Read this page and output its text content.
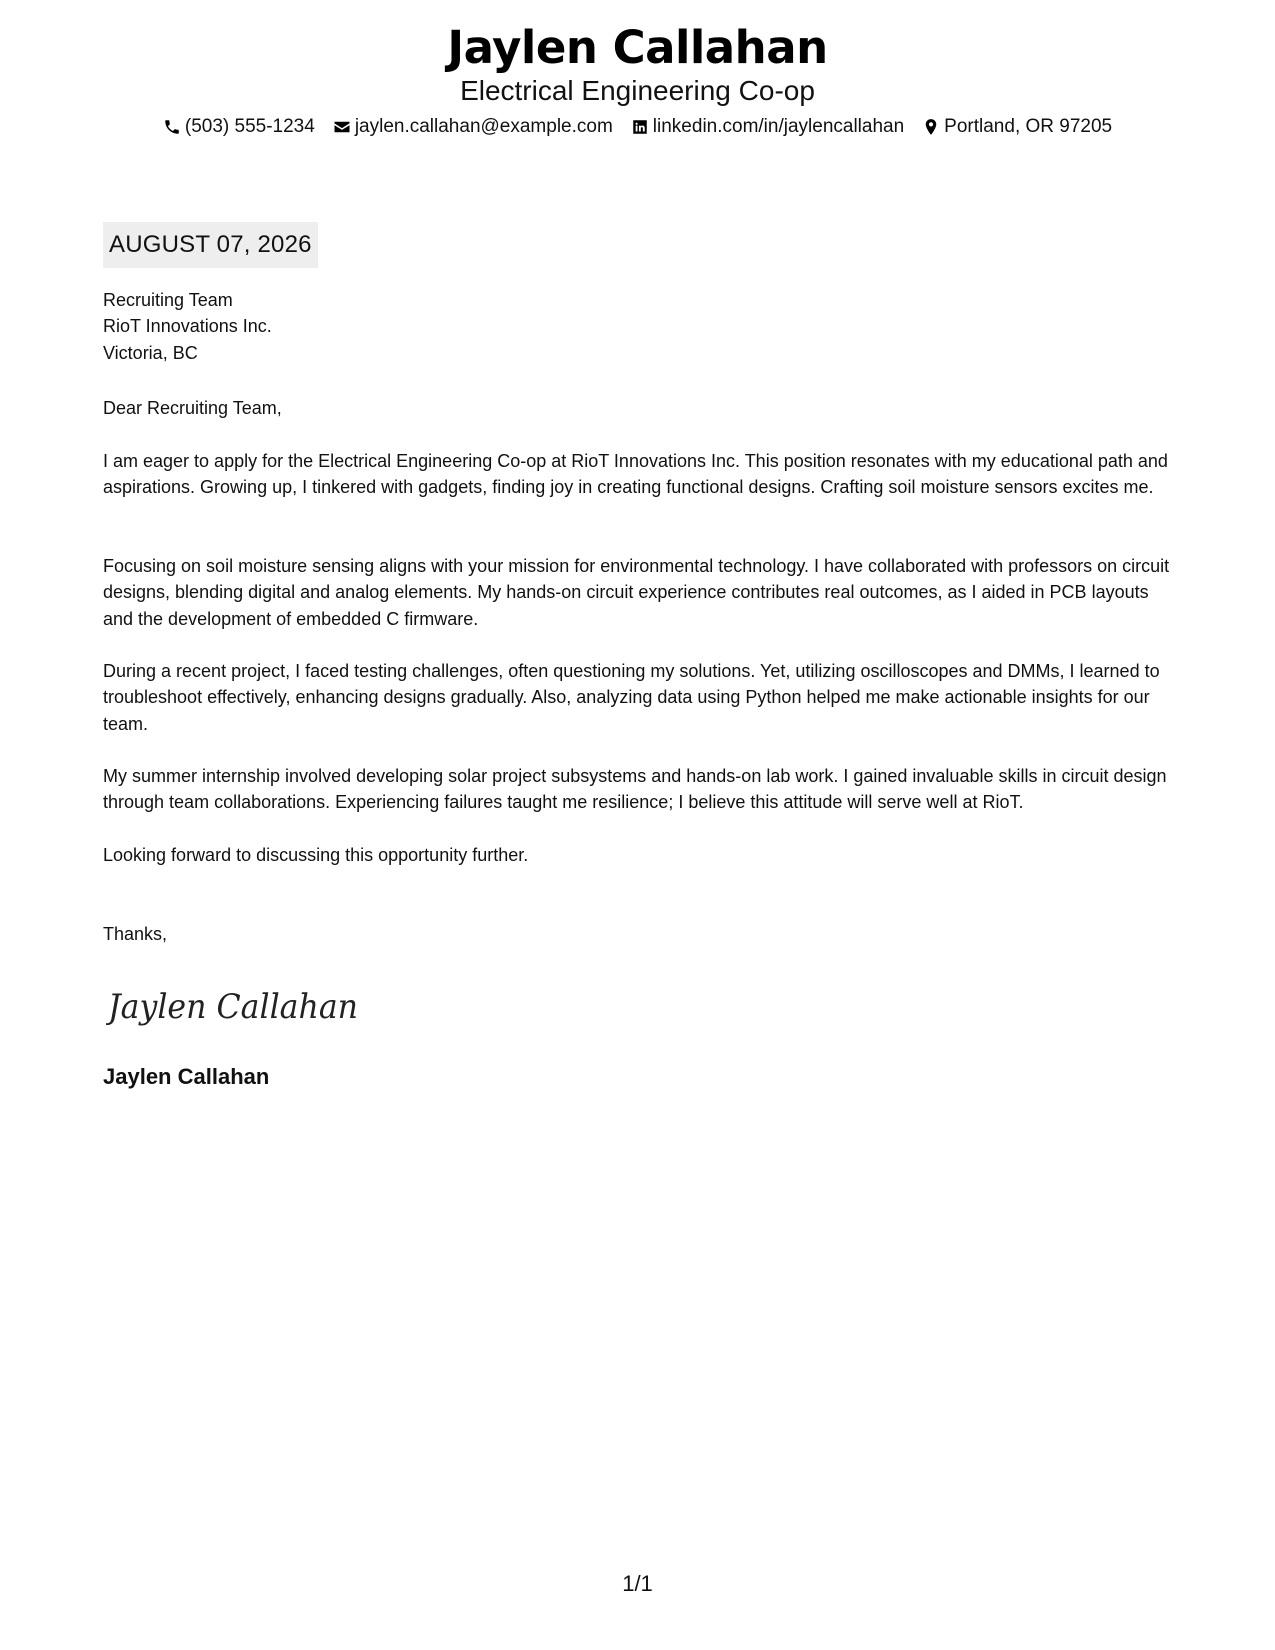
Jaylen Callahan
Electrical Engineering Co-op
(503) 555-1234 jaylen.callahan@example.com linkedin.com/in/jaylencallahan Portland, OR 97205
AUGUST 07, 2026
Recruiting Team
RioT Innovations Inc.
Victoria, BC
Dear Recruiting Team,
I am eager to apply for the Electrical Engineering Co-op at RioT Innovations Inc. This position resonates with my educational path and aspirations. Growing up, I tinkered with gadgets, finding joy in creating functional designs. Crafting soil moisture sensors excites me.
Focusing on soil moisture sensing aligns with your mission for environmental technology. I have collaborated with professors on circuit designs, blending digital and analog elements. My hands-on circuit experience contributes real outcomes, as I aided in PCB layouts and the development of embedded C firmware.
During a recent project, I faced testing challenges, often questioning my solutions. Yet, utilizing oscilloscopes and DMMs, I learned to troubleshoot effectively, enhancing designs gradually. Also, analyzing data using Python helped me make actionable insights for our team.
My summer internship involved developing solar project subsystems and hands-on lab work. I gained invaluable skills in circuit design through team collaborations. Experiencing failures taught me resilience; I believe this attitude will serve well at RioT.
Looking forward to discussing this opportunity further.
Thanks,
Jaylen Callahan
Jaylen Callahan
1/1
